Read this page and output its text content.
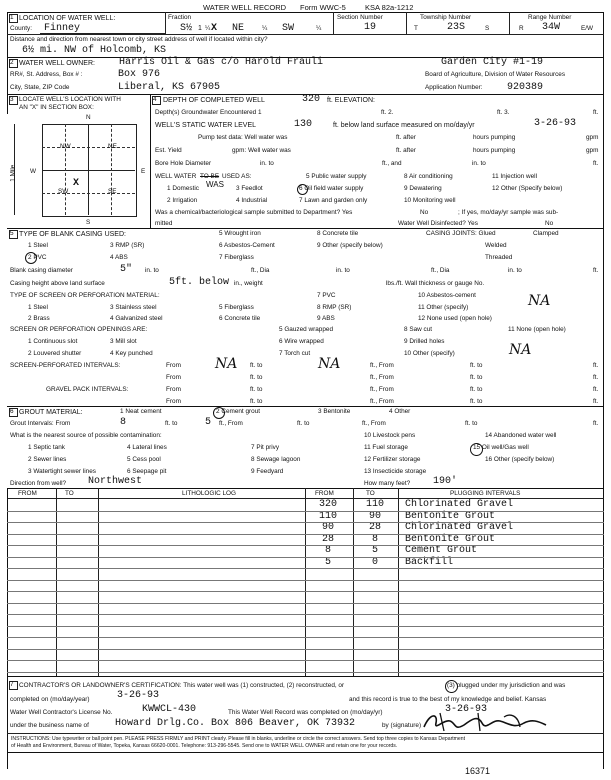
WATER WELL RECORD Form WWC-5	KSA 82a-1212
1 LOCATION OF WATER WELL:	Fraction	Section Number	Township Number	Range Number
County: Finney	S½ 1 ¼ X NE	¼ SW	¼	19	T	23S	S	R 34W	E/W
Distance and direction from nearest town or city street address of well if located within city?
6½ mi. NW of Holcomb, KS
2 WATER WELL OWNER: Harris Oil & Gas c/o Harold Frauli	Garden City #1-19
RR#, St. Address, Box # :	Box 976	Board of Agriculture, Division of Water Resources
City, State, ZIP Code	Liberal, KS 67905	Application Number: 920389
3 LOCATE WELL'S LOCATION WITH
AN "X" IN SECTION BOX:
N
S
W	E
NW	NE
SW	SE
X
1 Mile
4 DEPTH OF COMPLETED WELL	320 ft. ELEVATION:
Depth(s) Groundwater Encountered 1	ft. 2.	ft. 3.	ft.
WELL'S STATIC WATER LEVEL	130	ft. below land surface measured on mo/day/yr	3-26-93
Pump test data: Well water was	ft. after	hours pumping	gpm
Est. Yield	gpm: Well water was	ft. after	hours pumping	gpm
Bore Hole Diameter	in. to	ft., and	in. to	ft.
WELL WATER TO BE USED AS:
1 Domestic WAS
2 Irrigation
3 Feedlot
4 Industrial
5 Public water supply
6 Oil field water supply
7 Lawn and garden only
8 Air conditioning
9 Dewatering
10 Monitoring well
11 Injection well
12 Other (Specify below)
Was a chemical/bacteriological sample submitted to Department? Yes	No	; If yes, mo/day/yr sample was sub-
mitted	Water Well Disinfected? Yes	No
5 TYPE OF BLANK CASING USED:
1 Steel
2 PVC
3 RMP (SR)
4 ABS
5 Wrought iron
6 Asbestos-Cement
7 Fiberglass
8 Concrete tile
9 Other (specify below)
CASING JOINTS: Glued	Clamped
Welded
Threaded
Blank casing diameter	5" in. to	ft., Dia	in. to	ft., Dia	in. to	ft.
Casing height above land surface	5ft. below in., weight	lbs./ft. Wall thickness or gauge No.
TYPE OF SCREEN OR PERFORATION MATERIAL:
1 Steel
2 Brass
3 Stainless steel
4 Galvanized steel
5 Fiberglass
6 Concrete tile
7 PVC
8 RMP (SR)
9 ABS
10 Asbestos-cement
11 Other (specify)
12 None used (open hole)
NA
SCREEN OR PERFORATION OPENINGS ARE:
1 Continuous slot
2 Louvered shutter
3 Mill slot
4 Key punched
5 Gauzed wrapped
6 Wire wrapped
7 Torch cut
8 Saw cut
9 Drilled holes
10 Other (specify)
11 None (open hole)
NA
SCREEN-PERFORATED INTERVALS:	From NA ft. to	NA	ft., From	ft. to	ft.
From	ft. to	ft., From	ft. to	ft.
GRAVEL PACK INTERVALS:	From	ft. to	ft., From	ft. to	ft.
From	ft. to	ft., From	ft. to	ft.
6 GROUT MATERIAL:	1 Neat cement	2 Cement grout	3 Bentonite	4 Other
Grout Intervals: From	8	ft. to	5 ft., From	ft. to	ft., From	ft. to	ft.
What is the nearest source of possible contamination:
1 Septic tank
2 Sewer lines
3 Watertight sewer lines
4 Lateral lines
5 Cess pool
6 Seepage pit
7 Pit privy
8 Sewage lagoon
9 Feedyard
10 Livestock pens
11 Fuel storage
12 Fertilizer storage
13 Insecticide storage
14 Abandoned water well
15 Oil well/Gas well
16 Other (specify below)
Direction from well? Northwest	How many feet? 190'
FROM	TO	LITHOLOGIC LOG	FROM	TO	PLUGGING INTERVALS
320	110	Chlorinated Gravel
110	90	Bentonite Grout
90	28	Chlorinated Gravel
28	8	Bentonite Grout
8	5	Cement Grout
5	0	Backfill
7 CONTRACTOR'S OR LANDOWNER'S CERTIFICATION: This water well was (1) constructed, (2) reconstructed, or	(3) plugged under my jurisdiction and was
completed on (mo/day/year)	3-26-93	and this record is true to the best of my knowledge and belief. Kansas
Water Well Contractor's License No.	KWWCL-430	This Water Well Record was completed on (mo/day/yr)	3-26-93
under the business name of	Howard Drlg.Co. Box 806 Beaver, OK 73932	by (signature)
INSTRUCTIONS: Use typewriter or ball point pen. PLEASE PRESS FIRMLY and PRINT clearly. Please fill in blanks, underline or circle the correct answers. Send top three copies to Kansas Department
of Health and Environment, Bureau of Water, Topeka, Kansas 66620-0001. Telephone: 913-296-5545. Send one to WATER WELL OWNER and retain one for your records.
16371
